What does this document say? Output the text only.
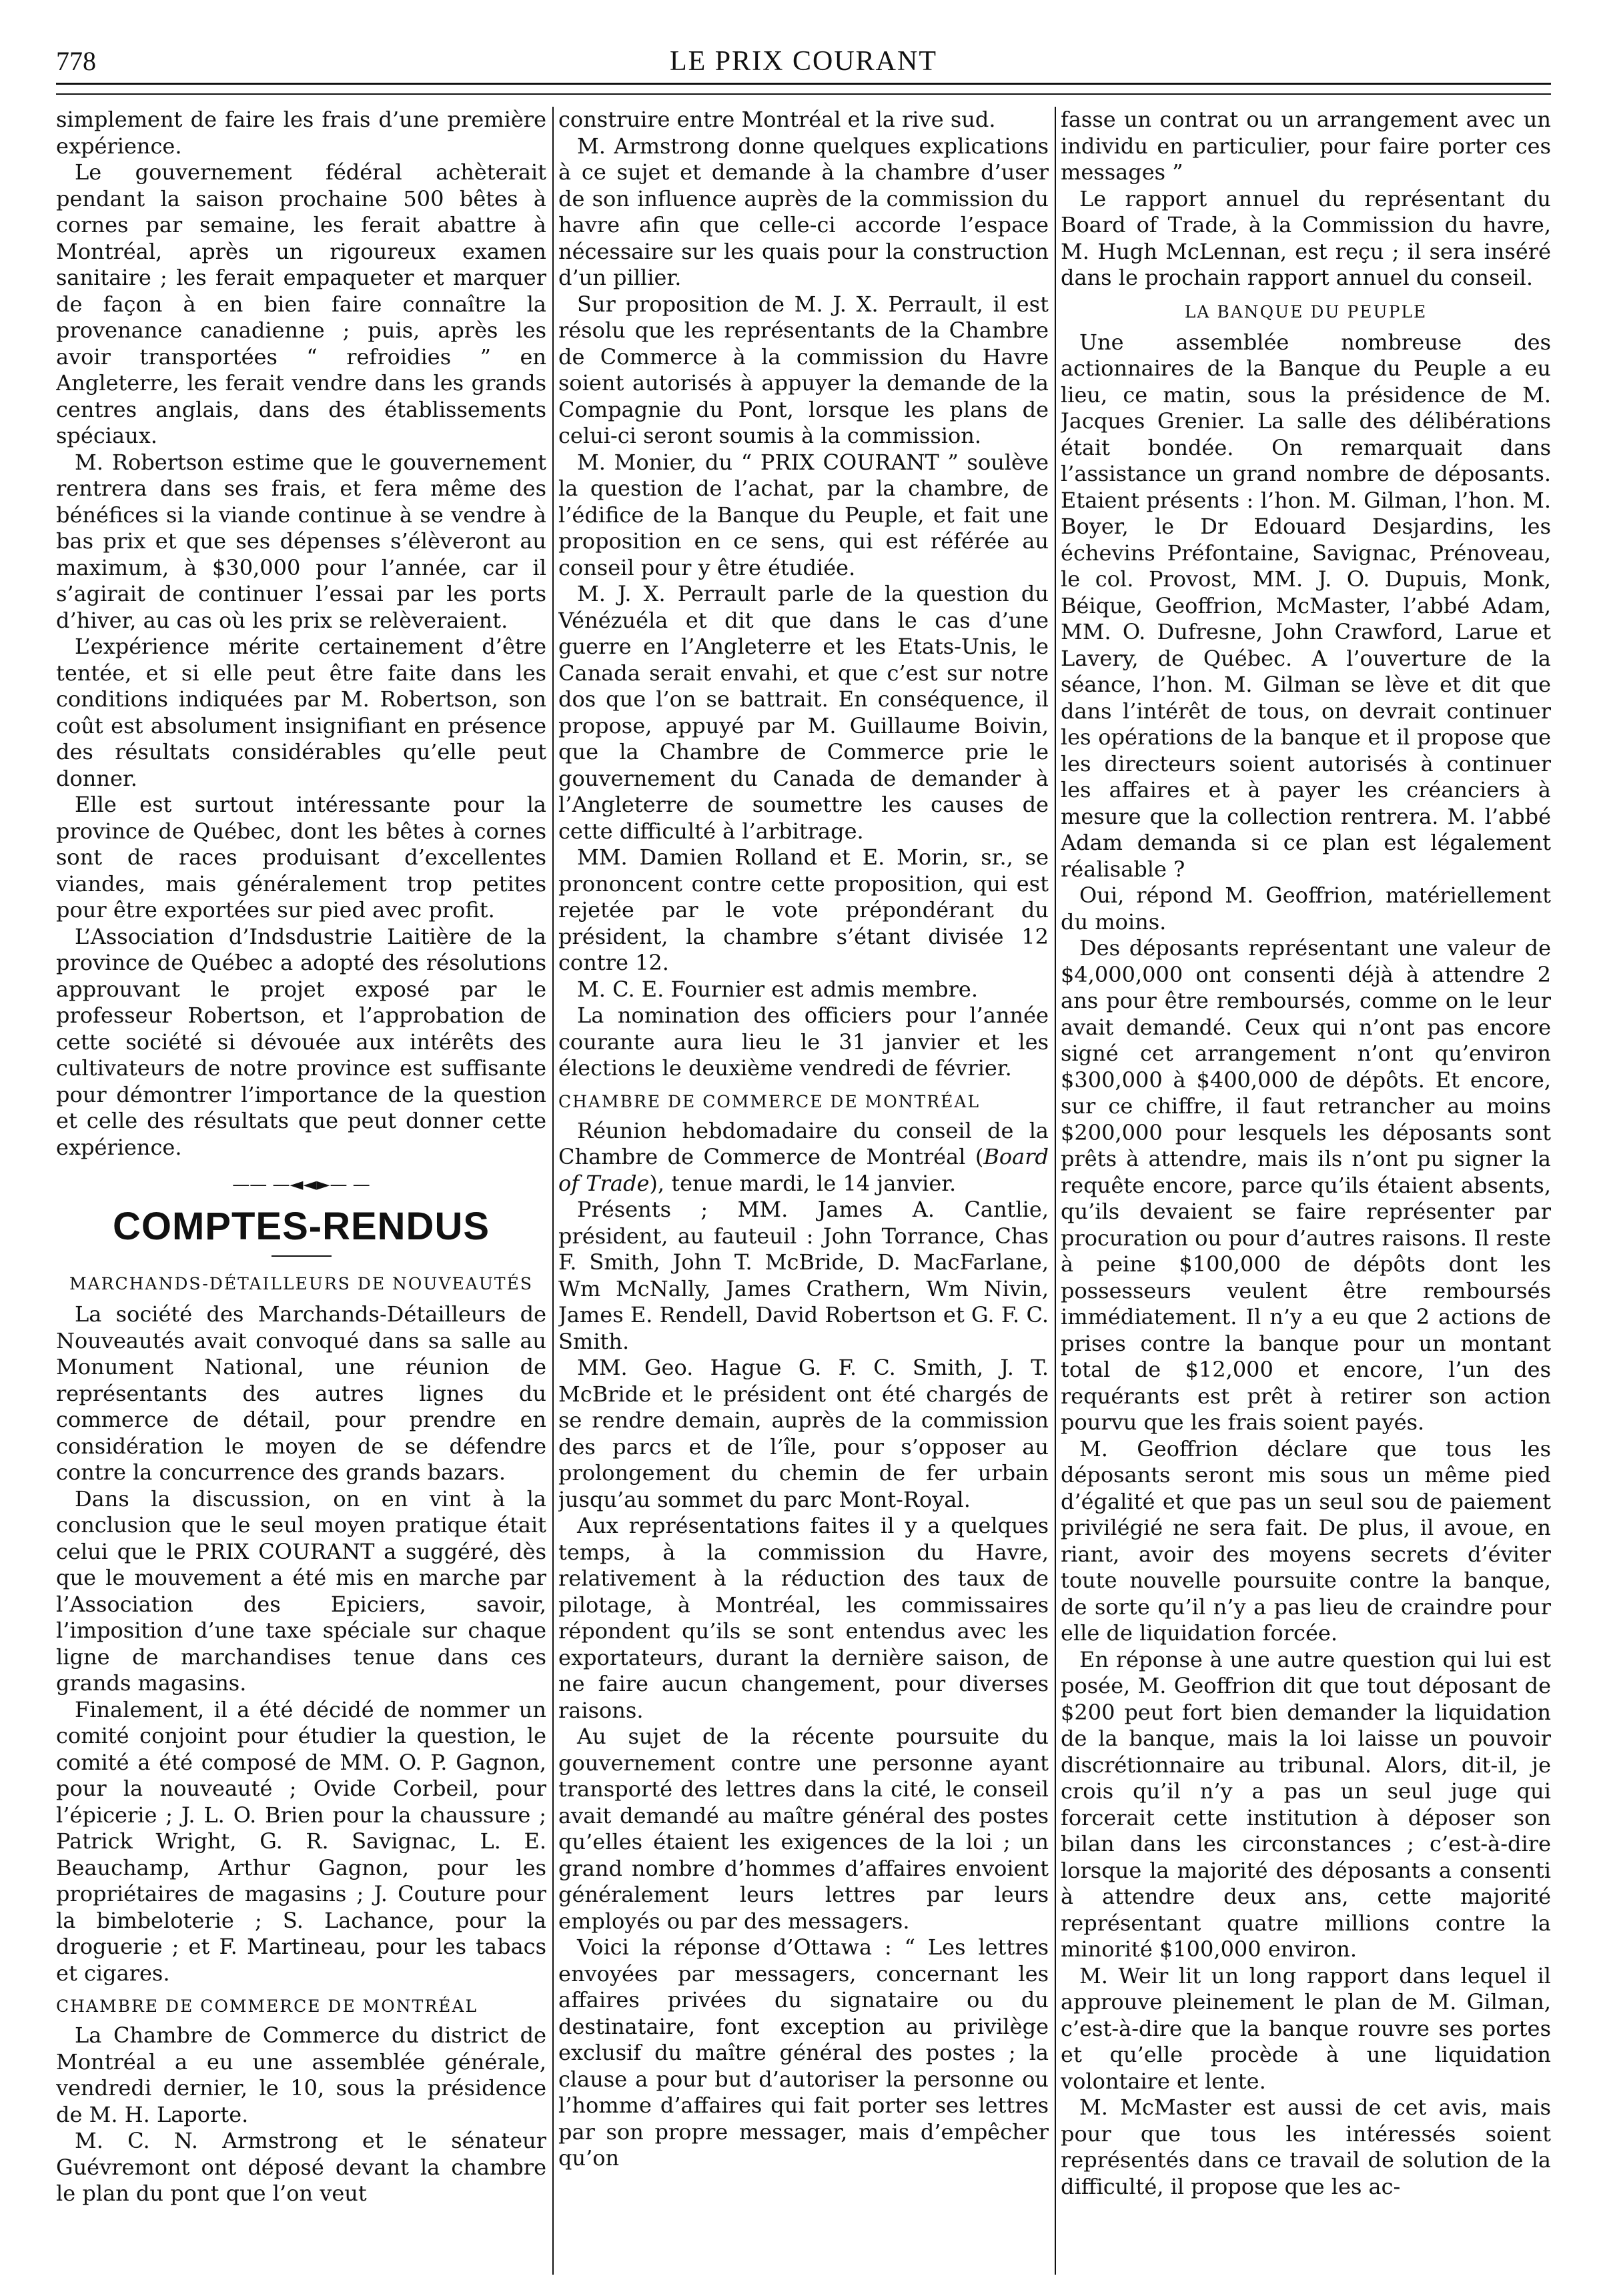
778	LE PRIX COURANT

simplement de faire les frais d’une première expérience.

Le gouvernement fédéral achèterait pendant la saison prochaine 500 bêtes à cornes par semaine, les ferait abattre à Montréal, après un rigoureux examen sanitaire ; les ferait empaqueter et marquer de façon à en bien faire connaître la provenance canadienne ; puis, après les avoir transportées “ refroidies ” en Angleterre, les ferait vendre dans les grands centres anglais, dans des établissements spéciaux.

M. Robertson estime que le gouvernement rentrera dans ses frais, et fera même des bénéfices si la viande continue à se vendre à bas prix et que ses dépenses s’élèveront au maximum, à $30,000 pour l’année, car il s’agirait de continuer l’essai par les ports d’hiver, au cas où les prix se relèveraient.

L’expérience mérite certainement d’être tentée, et si elle peut être faite dans les conditions indiquées par M. Robertson, son coût est absolument insignifiant en présence des résultats considérables qu’elle peut donner.

Elle est surtout intéressante pour la province de Québec, dont les bêtes à cornes sont de races produisant d’excellentes viandes, mais généralement trop petites pour être exportées sur pied avec profit.

L’Association d’Indsdustrie Laitière de la province de Québec a adopté des résolutions approuvant le projet exposé par le professeur Robertson, et l’approbation de cette société si dévouée aux intérêts des cultivateurs de notre province est suffisante pour démontrer l’importance de la question et celle des résultats que peut donner cette expérience.

—— —◄◄►— —
COMPTES-RENDUS
MARCHANDS-DÉTAILLEURS DE NOUVEAUTÉS

La société des Marchands-Détailleurs de Nouveautés avait convoqué dans sa salle au Monument National, une réunion de représentants des autres lignes du commerce de détail, pour prendre en considération le moyen de se défendre contre la concurrence des grands bazars.

Dans la discussion, on en vint à la conclusion que le seul moyen pratique était celui que le PRIX COURANT a suggéré, dès que le mouvement a été mis en marche par l’Association des Epiciers, savoir, l’imposition d’une taxe spéciale sur chaque ligne de marchandises tenue dans ces grands magasins.

Finalement, il a été décidé de nommer un comité conjoint pour étudier la question, le comité a été composé de MM. O. P. Gagnon, pour la nouveauté ; Ovide Corbeil, pour l’épicerie ; J. L. O. Brien pour la chaussure ; Patrick Wright, G. R. Savignac, L. E. Beauchamp, Arthur Gagnon, pour les propriétaires de magasins ; J. Couture pour la bimbeloterie ; S. Lachance, pour la droguerie ; et F. Martineau, pour les tabacs et cigares.

CHAMBRE DE COMMERCE DE MONTRÉAL

La Chambre de Commerce du district de Montréal a eu une assemblée générale, vendredi dernier, le 10, sous la présidence de M. H. Laporte.

M. C. N. Armstrong et le sénateur Guévremont ont déposé devant la chambre le plan du pont que l’on veut

construire entre Montréal et la rive sud.

M. Armstrong donne quelques explications à ce sujet et demande à la chambre d’user de son influence auprès de la commission du havre afin que celle-ci accorde l’espace nécessaire sur les quais pour la construction d’un pillier.

Sur proposition de M. J. X. Perrault, il est résolu que les représentants de la Chambre de Commerce à la commission du Havre soient autorisés à appuyer la demande de la Compagnie du Pont, lorsque les plans de celui-ci seront soumis à la commission.

M. Monier, du “ PRIX COURANT ” soulève la question de l’achat, par la chambre, de l’édifice de la Banque du Peuple, et fait une proposition en ce sens, qui est référée au conseil pour y être étudiée.

M. J. X. Perrault parle de la question du Vénézuéla et dit que dans le cas d’une guerre en l’Angleterre et les Etats-Unis, le Canada serait envahi, et que c’est sur notre dos que l’on se battrait. En conséquence, il propose, appuyé par M. Guillaume Boivin, que la Chambre de Commerce prie le gouvernement du Canada de demander à l’Angleterre de soumettre les causes de cette difficulté à l’arbitrage.

MM. Damien Rolland et E. Morin, sr., se prononcent contre cette proposition, qui est rejetée par le vote prépondérant du président, la chambre s’étant divisée 12 contre 12.

M. C. E. Fournier est admis membre.

La nomination des officiers pour l’année courante aura lieu le 31 janvier et les élections le deuxième vendredi de février.

CHAMBRE DE COMMERCE DE MONTRÉAL

Réunion hebdomadaire du conseil de la Chambre de Commerce de Montréal (Board of Trade), tenue mardi, le 14 janvier.

Présents ; MM. James A. Cantlie, président, au fauteuil : John Torrance, Chas F. Smith, John T. McBride, D. MacFarlane, Wm McNally, James Crathern, Wm Nivin, James E. Rendell, David Robertson et G. F. C. Smith.

MM. Geo. Hague G. F. C. Smith, J. T. McBride et le président ont été chargés de se rendre demain, auprès de la commission des parcs et de l’île, pour s’opposer au prolongement du chemin de fer urbain jusqu’au sommet du parc Mont-Royal.

Aux représentations faites il y a quelques temps, à la commission du Havre, relativement à la réduction des taux de pilotage, à Montréal, les commissaires répondent qu’ils se sont entendus avec les exportateurs, durant la dernière saison, de ne faire aucun changement, pour diverses raisons.

Au sujet de la récente poursuite du gouvernement contre une personne ayant transporté des lettres dans la cité, le conseil avait demandé au maître général des postes qu’elles étaient les exigences de la loi ; un grand nombre d’hommes d’affaires envoient généralement leurs lettres par leurs employés ou par des messagers.

Voici la réponse d’Ottawa : “ Les lettres envoyées par messagers, concernant les affaires privées du signataire ou du destinataire, font exception au privilège exclusif du maître général des postes ; la clause a pour but d’autoriser la personne ou l’homme d’affaires qui fait porter ses lettres par son propre messager, mais d’empêcher qu’on

fasse un contrat ou un arrangement avec un individu en particulier, pour faire porter ces messages ”

Le rapport annuel du représentant du Board of Trade, à la Commission du havre, M. Hugh McLennan, est reçu ; il sera inséré dans le prochain rapport annuel du conseil.

LA BANQUE DU PEUPLE

Une assemblée nombreuse des actionnaires de la Banque du Peuple a eu lieu, ce matin, sous la présidence de M. Jacques Grenier. La salle des délibérations était bondée. On remarquait dans l’assistance un grand nombre de déposants. Etaient présents : l’hon. M. Gilman, l’hon. M. Boyer, le Dr Edouard Desjardins, les échevins Préfontaine, Savignac, Prénoveau, le col. Provost, MM. J. O. Dupuis, Monk, Béique, Geoffrion, McMaster, l’abbé Adam, MM. O. Dufresne, John Crawford, Larue et Lavery, de Québec. A l’ouverture de la séance, l’hon. M. Gilman se lève et dit que dans l’intérêt de tous, on devrait continuer les opérations de la banque et il propose que les directeurs soient autorisés à continuer les affaires et à payer les créanciers à mesure que la collection rentrera. M. l’abbé Adam demanda si ce plan est légalement réalisable ?

Oui, répond M. Geoffrion, matériellement du moins.

Des déposants représentant une valeur de $4,000,000 ont consenti déjà à attendre 2 ans pour être remboursés, comme on le leur avait demandé. Ceux qui n’ont pas encore signé cet arrangement n’ont qu’environ $300,000 à $400,000 de dépôts. Et encore, sur ce chiffre, il faut retrancher au moins $200,000 pour lesquels les déposants sont prêts à attendre, mais ils n’ont pu signer la requête encore, parce qu’ils étaient absents, qu’ils devaient se faire représenter par procuration ou pour d’autres raisons. Il reste à peine $100,000 de dépôts dont les possesseurs veulent être remboursés immédiatement. Il n’y a eu que 2 actions de prises contre la banque pour un montant total de $12,000 et encore, l’un des requérants est prêt à retirer son action pourvu que les frais soient payés.

M. Geoffrion déclare que tous les déposants seront mis sous un même pied d’égalité et que pas un seul sou de paiement privilégié ne sera fait. De plus, il avoue, en riant, avoir des moyens secrets d’éviter toute nouvelle poursuite contre la banque, de sorte qu’il n’y a pas lieu de craindre pour elle de liquidation forcée.

En réponse à une autre question qui lui est posée, M. Geoffrion dit que tout déposant de $200 peut fort bien demander la liquidation de la banque, mais la loi laisse un pouvoir discrétionnaire au tribunal. Alors, dit-il, je crois qu’il n’y a pas un seul juge qui forcerait cette institution à déposer son bilan dans les circonstances ; c’est-à-dire lorsque la majorité des déposants a consenti à attendre deux ans, cette majorité représentant quatre millions contre la minorité $100,000 environ.

M. Weir lit un long rapport dans lequel il approuve pleinement le plan de M. Gilman, c’est-à-dire que la banque rouvre ses portes et qu’elle procède à une liquidation volontaire et lente.

M. McMaster est aussi de cet avis, mais pour que tous les intéressés soient représentés dans ce travail de solution de la difficulté, il propose que les ac-
